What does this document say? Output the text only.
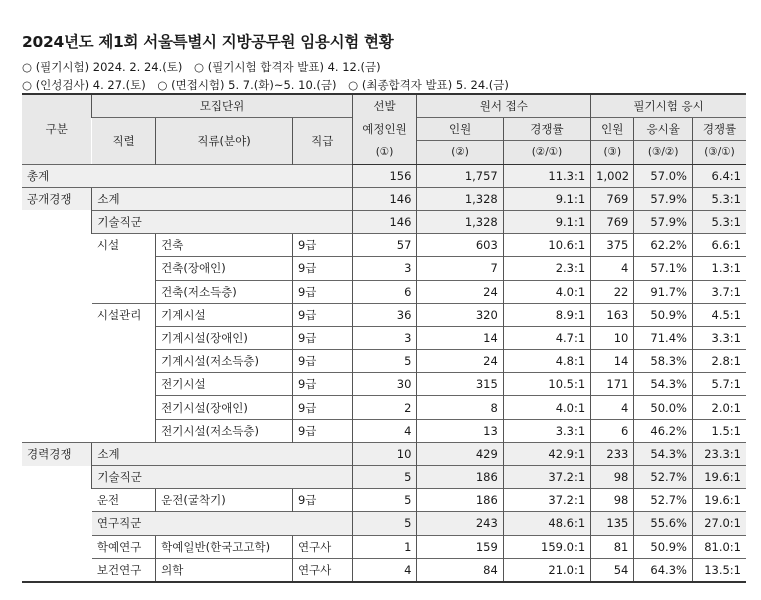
2024년도 제1회 서울특별시 지방공무원 임용시험 현황
○ (필기시험) 2024. 2. 24.(토) ○ (필기시험 합격자 발표) 4. 12.(금)
○ (인성검사) 4. 27.(토) ○ (면접시험) 5. 7.(화)~5. 10.(금) ○ (최종합격자 발표) 5. 24.(금)
구분	모집단위			선발	원서 접수		필기시험 응시		
	직렬	직류(분야)	직급	예정인원	인원	경쟁률	인원	응시율	경쟁률
				(①)	(②)	(②/①)	(③)	(③/②)	(③/①)
총계				156	1,757	11.3:1	1,002	57.0%	6.4:1
공개경쟁	소계			146	1,328	9.1:1	769	57.9%	5.3:1
	기술직군			146	1,328	9.1:1	769	57.9%	5.3:1
	시설	건축	9급	57	603	10.6:1	375	62.2%	6.6:1
		건축(장애인)	9급	3	7	2.3:1	4	57.1%	1.3:1
		건축(저소득층)	9급	6	24	4.0:1	22	91.7%	3.7:1
	시설관리	기계시설	9급	36	320	8.9:1	163	50.9%	4.5:1
		기계시설(장애인)	9급	3	14	4.7:1	10	71.4%	3.3:1
		기계시설(저소득층)	9급	5	24	4.8:1	14	58.3%	2.8:1
		전기시설	9급	30	315	10.5:1	171	54.3%	5.7:1
		전기시설(장애인)	9급	2	8	4.0:1	4	50.0%	2.0:1
		전기시설(저소득층)	9급	4	13	3.3:1	6	46.2%	1.5:1
경력경쟁	소계			10	429	42.9:1	233	54.3%	23.3:1
	기술직군			5	186	37.2:1	98	52.7%	19.6:1
	운전	운전(굴착기)	9급	5	186	37.2:1	98	52.7%	19.6:1
	연구직군			5	243	48.6:1	135	55.6%	27.0:1
	학예연구	학예일반(한국고고학)	연구사	1	159	159.0:1	81	50.9%	81.0:1
	보건연구	의학	연구사	4	84	21.0:1	54	64.3%	13.5:1
